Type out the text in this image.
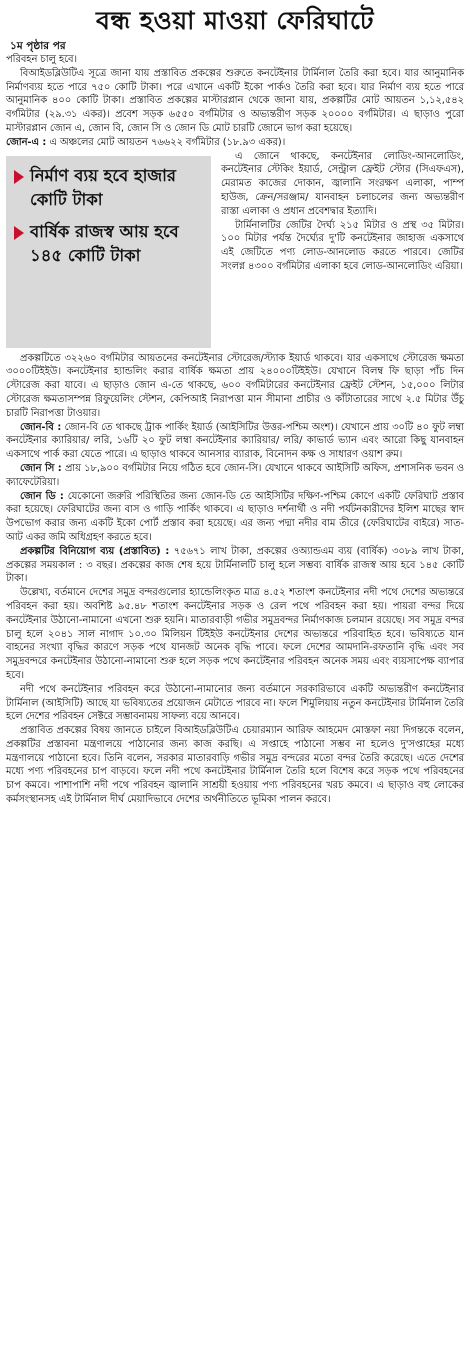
বন্ধ হওয়া মাওয়া ফেরিঘাটে
১ম পৃষ্ঠার পর

পরিবহন চালু হবে।

বিআইডব্লিউটিএ সূত্রে জানা যায় প্রস্তাবিত প্রকল্পের শুরুতে কনটেইনার টার্মিনাল তৈরি করা হবে। যার আনুমানিক নির্মাণব্যয় হতে পারে ৭৫০ কোটি টাকা। পরে এখানে একটি ইকো পার্কও তৈরি করা হবে। যার নির্মাণ ব্যয় হতে পারে আনুমানিক ৪০০ কোটি টাকা। প্রস্তাবিত প্রকল্পের মাস্টারপ্লান থেকে জানা যায়, প্রকল্পটির মোট আয়তন ১,১২,৫৪২ বর্গমিটার (২৯.৩১ একর)। প্রবেশ সড়ক ৬৫৫০ বর্গমিটার ও অভ্যন্তরীণ সড়ক ২০০০০ বর্গমিটার। এ ছাড়াও পুরো মাস্টারপ্লান জোন এ, জোন বি, জোন সি ও জোন ডি মোট চারটি জোনে ভাগ করা হয়েছে।

জোন-এ : এ অঞ্চলের মোট আয়তন ৭৬৬২২ বর্গমিটার (১৮.৯৩ একর)।

নির্মাণ ব্যয় হবে হাজার কোটি টাকা
বার্ষিক রাজস্ব আয় হবে ১৪৫ কোটি টাকা

এ জোনে থাকছে, কনটেইনার লোডিং-আনলোডিং, কনটেইনার স্টেকিং ইয়ার্ড, সেন্ট্রাল ফ্রেইট স্টোর (সিএফএস), মেরামত কাজের দোকান, জ্বালানি সংরক্ষণ এলাকা, পাম্প হাউজ, ক্রেন/সরঞ্জাম/ যানবাহন চলাচলের জন্য অভ্যন্তরীণ রাস্তা এলাকা ও প্রধান প্রবেশদ্বার ইত্যাদি।

টার্মিনালটির জেটির দৈর্ঘ্য ২১৫ মিটার ও প্রস্থ ৩৫ মিটার। ১০০ মিটার পর্যন্ত দৈর্ঘ্যের দু'টি কনটেইনার জাহাজ একসাথে এই জেটিতে পণ্য লোড-আনলোড করতে পারবে। জেটির সংলগ্ন ৪৩০০ বর্গমিটার এলাকা হবে লোড-আনলোডিং এরিয়া।

প্রকল্পটিতে ৩২২৬০ বর্গমিটার আয়তনের কনটেইনার স্টোরেজ/স্ট্যাক ইয়ার্ড থাকবে। যার একসাথে স্টোরেজ ক্ষমতা ৩০০০টিইইউ। কনটেইনার হ্যান্ডলিং করার বার্ষিক ক্ষমতা প্রায় ২৪০০০টিইইউ। যেখানে বিলম্ব ফি ছাড়া পাঁচ দিন স্টোরেজ করা যাবে। এ ছাড়াও জোন এ-তে থাকছে, ৬০০ বর্গমিটারের কনটেইনার ফ্রেইট স্টেশন, ১৫,০০০ লিটার স্টোরেজ ক্ষমতাসম্পন্ন রিফুয়েলিং স্টেশন, কেপিআই নিরাপত্তা মান সীমানা প্রাচীর ও কাঁটাতারের সাথে ২.৫ মিটার উঁচু চারটি নিরাপত্তা টাওয়ার।

জোন-বি : জোন-বি তে থাকছে ট্রাক পার্কিং ইয়ার্ড (আইসিটির উত্তর-পশ্চিম অংশ)। যেখানে প্রায় ৩০টি ৪০ ফুট লম্বা কনটেইনার ক্যারিয়ার/ লরি, ১৬টি ২০ ফুট লম্বা কনটেইনার ক্যারিয়ার/ লরি/ কাভার্ড ভ্যান এবং আরো কিছু যানবাহন একসাথে পার্ক করা যেতে পারে। এ ছাড়াও থাকবে আনসার ব্যারাক, বিনোদন কক্ষ ও সাধারণ ওয়াশ রুম।

জোন সি : প্রায় ১৮,৯০০ বর্গমিটার নিয়ে গঠিত হবে জোন-সি। যেখানে থাকবে আইসিটি অফিস, প্রশাসনিক ভবন ও ক্যাফেটেরিয়া।

জোন ডি : যেকোনো জরুরি পরিস্থিতির জন্য জোন-ডি তে আইসিটির দক্ষিণ-পশ্চিম কোণে একটি ফেরিঘাট প্রস্তাব করা হয়েছে। ফেরিঘাটের জন্য বাস ও গাড়ি পার্কিং থাকবে। এ ছাড়াও দর্শনার্থী ও নদী পর্যটনকারীদের ইলিশ মাছের স্বাদ উপভোগ করার জন্য একটি ইকো পোর্ট প্রস্তাব করা হয়েছে। এর জন্য পদ্মা নদীর বাম তীরে (ফেরিঘাটের বাইরে) সাত-আট একর জমি অধিগ্রহণ করতে হবে।

প্রকল্পটির বিনিয়োগ ব্যয় (প্রস্তাবিত) : ৭৫৬৭১ লাখ টাকা, প্রকল্পের ওঅ্যান্ডএম ব্যয় (বার্ষিক) ৩০৮৯ লাখ টাকা, প্রকল্পের সময়কাল : ৩ বছর। প্রকল্পের কাজ শেষ হয়ে টার্মিনালটি চালু হলে সম্ভব্য বার্ষিক রাজস্ব আয় হবে ১৪৫ কোটি টাকা।

উল্লেখ্য, বর্তমানে দেশের সমুদ্র বন্দরগুলোর হ্যান্ডেলিংকৃত মাত্র ৪.৫২ শতাংশ কনটেইনার নদী পথে দেশের অভ্যন্তরে পরিবহন করা হয়। অবশিষ্ট ৯৫.৪৮ শতাংশ কনটেইনার সড়ক ও রেল পথে পরিবহন করা হয়। পায়রা বন্দর দিয়ে কনটেইনার উঠানো-নামানো এখনো শুরু হয়নি। মাতারবাড়ী গভীর সমুদ্রবন্দর নির্মাণকাজ চলমান রয়েছে। সব সমুদ্র বন্দর চালু হলে ২০৪১ সাল নাগাদ ১০.৩০ মিলিয়ন টিইইউ কনটেইনার দেশের অভ্যন্তরে পরিবাহিত হবে। ভবিষ্যতে যান বাহনের সংখ্যা বৃদ্ধির কারণে সড়ক পথে যানজট অনেক বৃদ্ধি পাবে। ফলে দেশের আমদানি-রফতানি বৃদ্ধি এবং সব সমুদ্রবন্দরে কনটেইনার উঠানো-নামানো শুরু হলে সড়ক পথে কনটেইনার পরিবহন অনেক সময় এবং ব্যয়সাপেক্ষ ব্যাপার হবে।

নদী পথে কনটেইনার পরিবহন করে উঠানো-নামানোর জন্য বর্তমানে সরকারিভাবে একটি অভ্যন্তরীণ কনটেইনার টার্মিনাল (আইসিটি) আছে যা ভবিষ্যতের প্রয়োজন মেটাতে পারবে না। ফলে শিমুলিয়ায় নতুন কনটেইনার টার্মিনাল তৈরি হলে দেশের পরিবহন সেক্টরে সম্ভাবনাময় সাফল্য বয়ে আনবে।

প্রস্তাবিত প্রকল্পের বিষয় জানতে চাইলে বিআইডব্লিউটিএ চেয়ারম্যান আরিফ আহমেদ মোস্তফা নয়া দিগন্তকে বলেন, প্রকল্পটির প্রস্তাবনা মন্ত্রণালয়ে পাঠানোর জন্য কাজ করছি। এ সপ্তাহে পাঠানো সম্ভব না হলেও দু'সপ্তাহের মধ্যে মন্ত্রণালয়ে পাঠানো হবে। তিনি বলেন, সরকার মাতারবাড়ি গভীর সমুদ্র বন্দরের মতো বন্দর তৈরি করেছে। এতে দেশের মধ্যে পণ্য পরিবহনের চাপ বাড়বে। ফলে নদী পথে কনটেইনার টার্মিনাল তৈরি হলে বিশেষ করে সড়ক পথে পরিবহনের চাপ কমবে। পাশাপাশি নদী পথে পরিবহন জ্বালানি সাশ্রয়ী হওয়ায় পণ্য পরিবহনের খরচ কমবে। এ ছাড়াও বহু লোকের কর্মসংস্থানসহ এই টার্মিনাল দীর্ঘ মেয়াদিভাবে দেশের অর্থনীতিতে ভূমিকা পালন করবে।
